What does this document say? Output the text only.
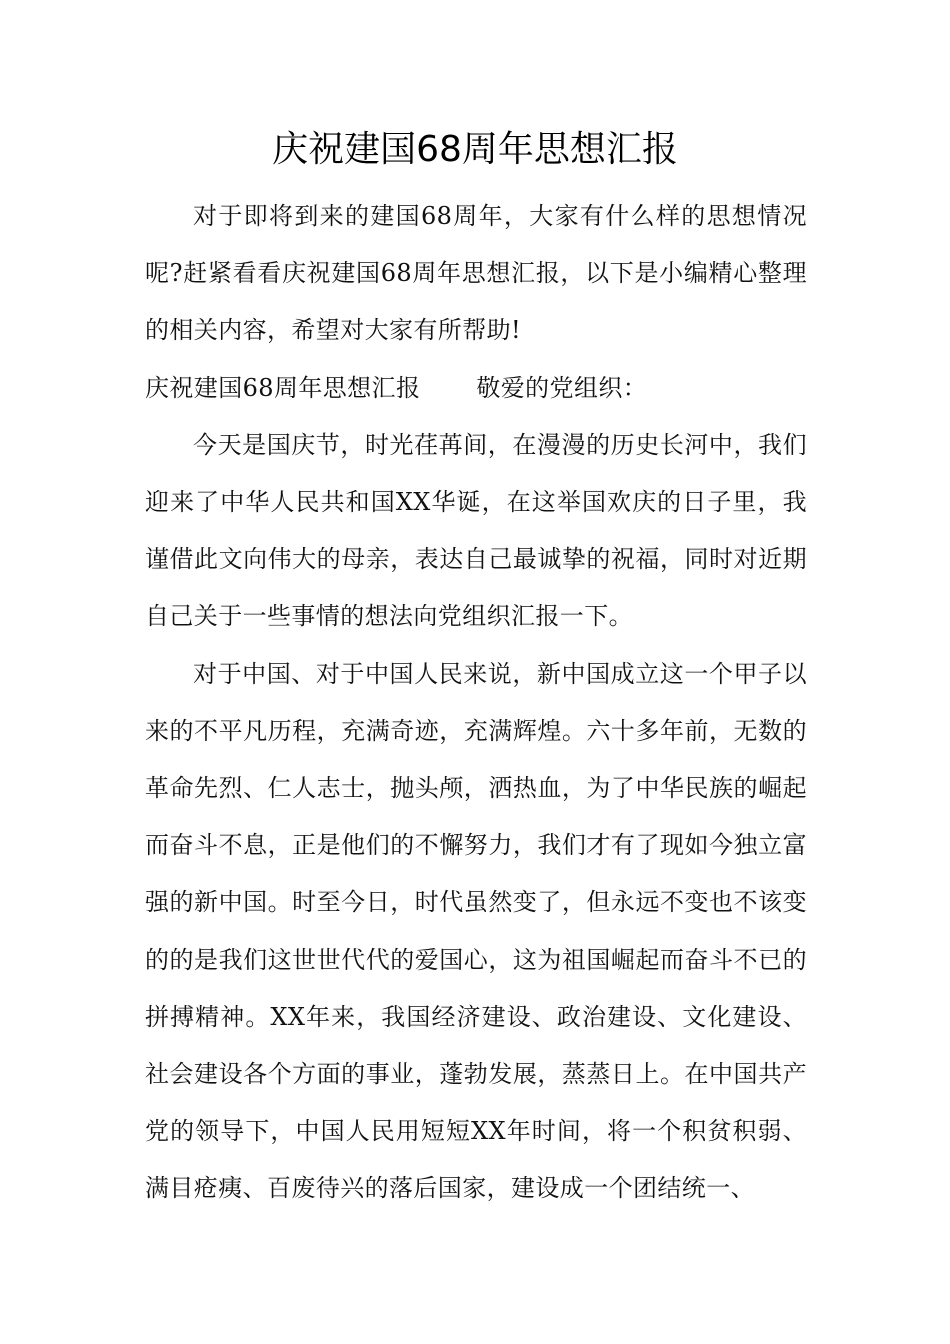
庆祝建国68周年思想汇报

对于即将到来的建国68周年，大家有什么样的思想情况呢?赶紧看看庆祝建国68周年思想汇报，以下是小编精心整理的相关内容，希望对大家有所帮助!

庆祝建国68周年思想汇报 敬爱的党组织：

今天是国庆节，时光荏苒间，在漫漫的历史长河中，我们迎来了中华人民共和国XX华诞，在这举国欢庆的日子里，我谨借此文向伟大的母亲，表达自己最诚挚的祝福，同时对近期自己关于一些事情的想法向党组织汇报一下。

对于中国、对于中国人民来说，新中国成立这一个甲子以来的不平凡历程，充满奇迹，充满辉煌。六十多年前，无数的革命先烈、仁人志士，抛头颅，洒热血，为了中华民族的崛起而奋斗不息，正是他们的不懈努力，我们才有了现如今独立富强的新中国。时至今日，时代虽然变了，但永远不变也不该变的的是我们这世世代代的爱国心，这为祖国崛起而奋斗不已的拼搏精神。XX年来，我国经济建设、政治建设、文化建设、社会建设各个方面的事业，蓬勃发展，蒸蒸日上。在中国共产党的领导下，中国人民用短短XX年时间，将一个积贫积弱、满目疮痍、百废待兴的落后国家，建设成一个团结统一、
